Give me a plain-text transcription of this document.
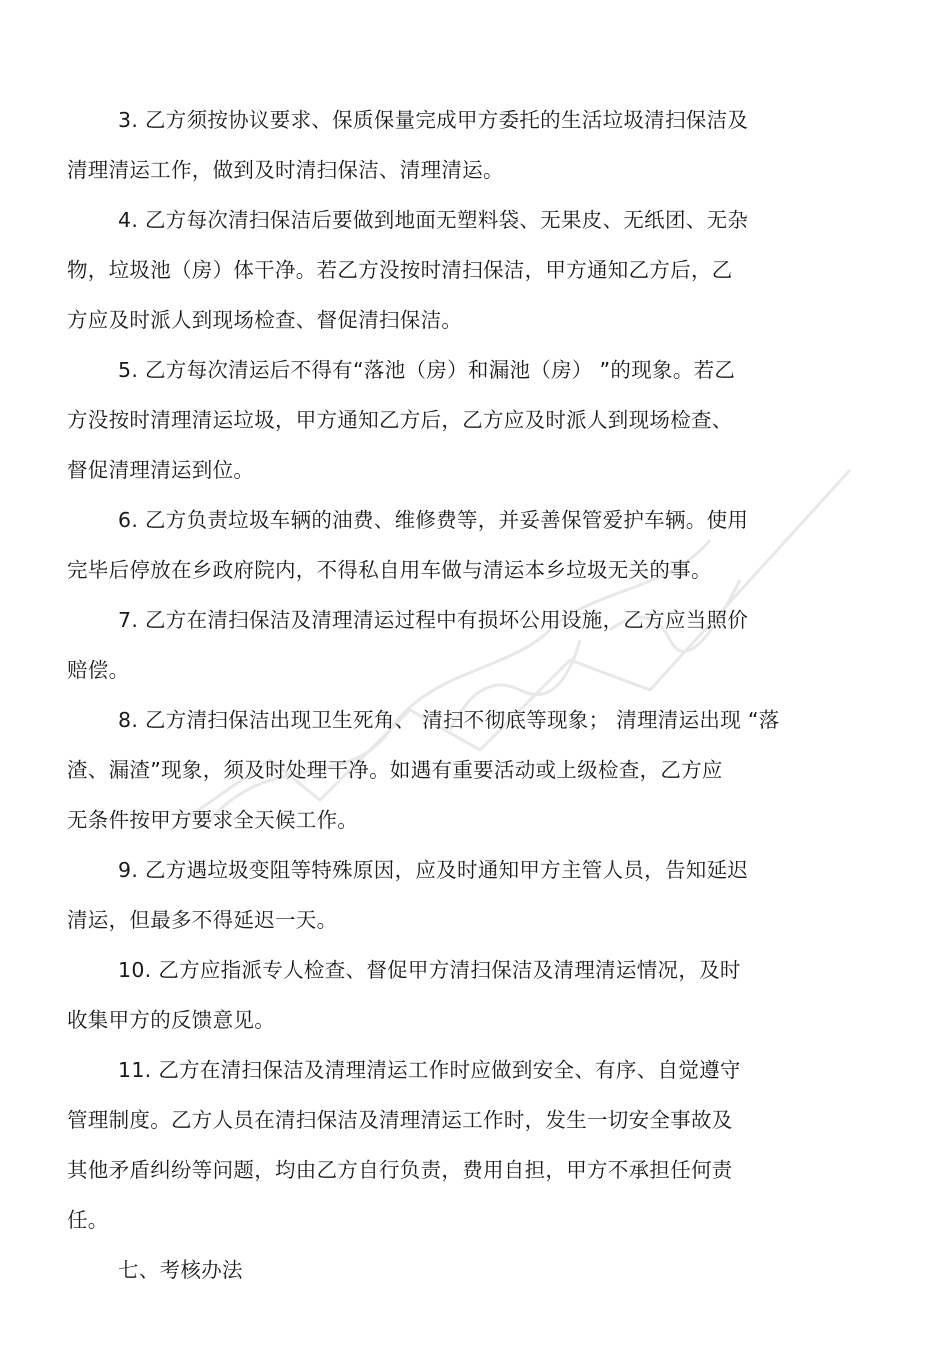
3. 乙方须按协议要求、保质保量完成甲方委托的生活垃圾清扫保洁及
清理清运工作，做到及时清扫保洁、清理清运。
4. 乙方每次清扫保洁后要做到地面无塑料袋、无果皮、无纸团、无杂
物，垃圾池（房）体干净。若乙方没按时清扫保洁，甲方通知乙方后，乙
方应及时派人到现场检查、督促清扫保洁。
5. 乙方每次清运后不得有“落池（房）和漏池（房） ”的现象。若乙
方没按时清理清运垃圾，甲方通知乙方后，乙方应及时派人到现场检查、
督促清理清运到位。
6. 乙方负责垃圾车辆的油费、维修费等，并妥善保管爱护车辆。使用
完毕后停放在乡政府院内，不得私自用车做与清运本乡垃圾无关的事。
7. 乙方在清扫保洁及清理清运过程中有损坏公用设施，乙方应当照价
赔偿。
8. 乙方清扫保洁出现卫生死角、 清扫不彻底等现象； 清理清运出现 “落
渣、漏渣”现象，须及时处理干净。如遇有重要活动或上级检查，乙方应
无条件按甲方要求全天候工作。
9. 乙方遇垃圾变阻等特殊原因，应及时通知甲方主管人员，告知延迟
清运，但最多不得延迟一天。
10. 乙方应指派专人检查、督促甲方清扫保洁及清理清运情况，及时
收集甲方的反馈意见。
11. 乙方在清扫保洁及清理清运工作时应做到安全、有序、自觉遵守
管理制度。乙方人员在清扫保洁及清理清运工作时，发生一切安全事故及
其他矛盾纠纷等问题，均由乙方自行负责，费用自担，甲方不承担任何责
任。
七、考核办法
